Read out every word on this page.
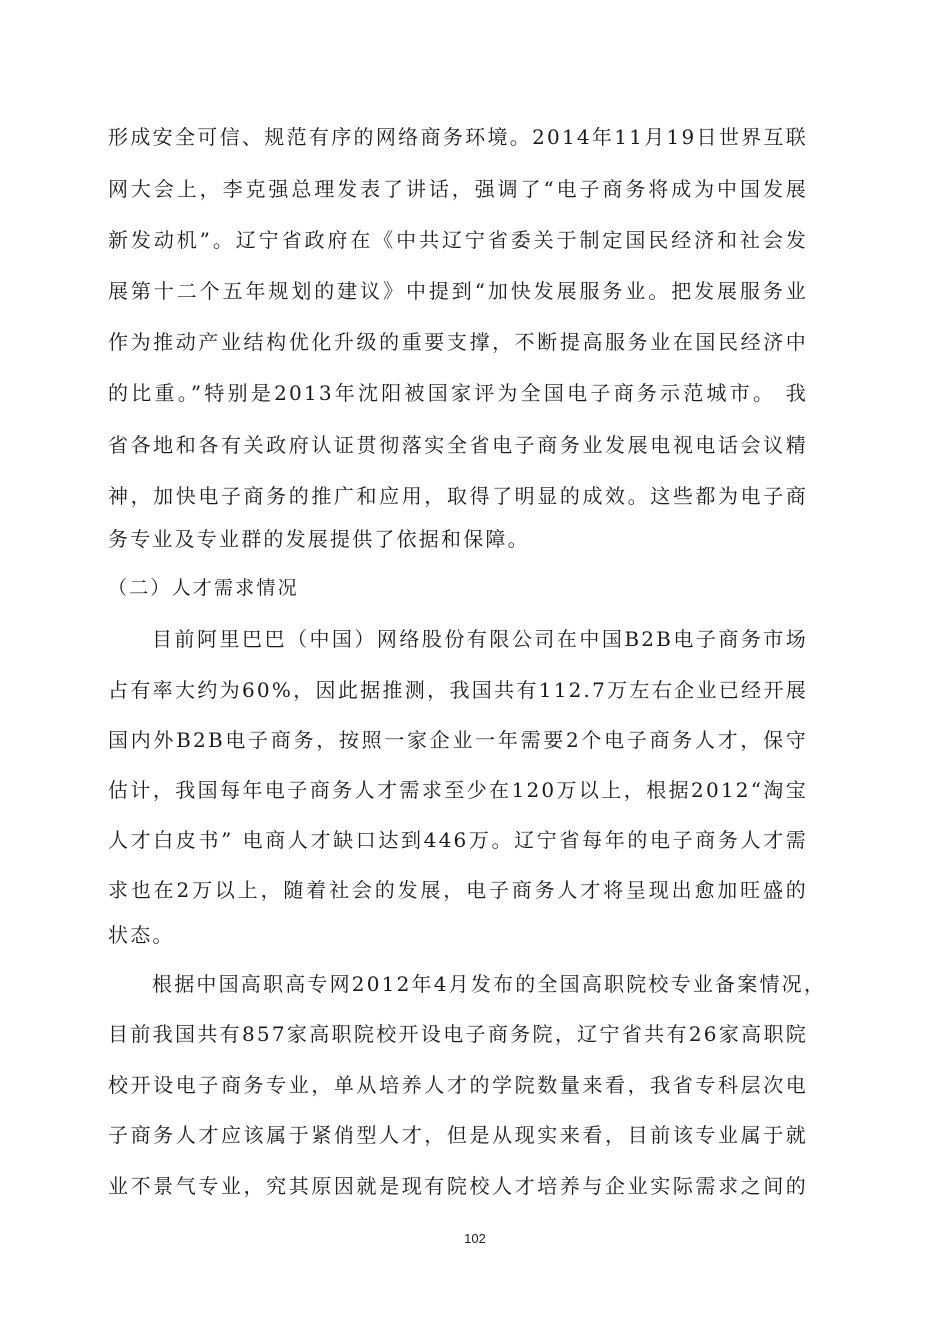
形成安全可信、规范有序的网络商务环境。2014年11月19日世界互联
网大会上，李克强总理发表了讲话，强调了“电子商务将成为中国发展
新发动机”。辽宁省政府在《中共辽宁省委关于制定国民经济和社会发
展第十二个五年规划的建议》中提到“加快发展服务业。把发展服务业
作为推动产业结构优化升级的重要支撑，不断提高服务业在国民经济中
的比重。”特别是2013年沈阳被国家评为全国电子商务示范城市。 我
省各地和各有关政府认证贯彻落实全省电子商务业发展电视电话会议精
神，加快电子商务的推广和应用，取得了明显的成效。这些都为电子商
务专业及专业群的发展提供了依据和保障。
（二）人才需求情况
目前阿里巴巴（中国）网络股份有限公司在中国B2B电子商务市场
占有率大约为60%，因此据推测，我国共有112.7万左右企业已经开展
国内外B2B电子商务，按照一家企业一年需要2个电子商务人才，保守
估计，我国每年电子商务人才需求至少在120万以上，根据2012“淘宝
人才白皮书” 电商人才缺口达到446万。辽宁省每年的电子商务人才需
求也在2万以上，随着社会的发展，电子商务人才将呈现出愈加旺盛的
状态。
根据中国高职高专网2012年4月发布的全国高职院校专业备案情况，
目前我国共有857家高职院校开设电子商务院，辽宁省共有26家高职院
校开设电子商务专业，单从培养人才的学院数量来看，我省专科层次电
子商务人才应该属于紧俏型人才，但是从现实来看，目前该专业属于就
业不景气专业，究其原因就是现有院校人才培养与企业实际需求之间的
102
